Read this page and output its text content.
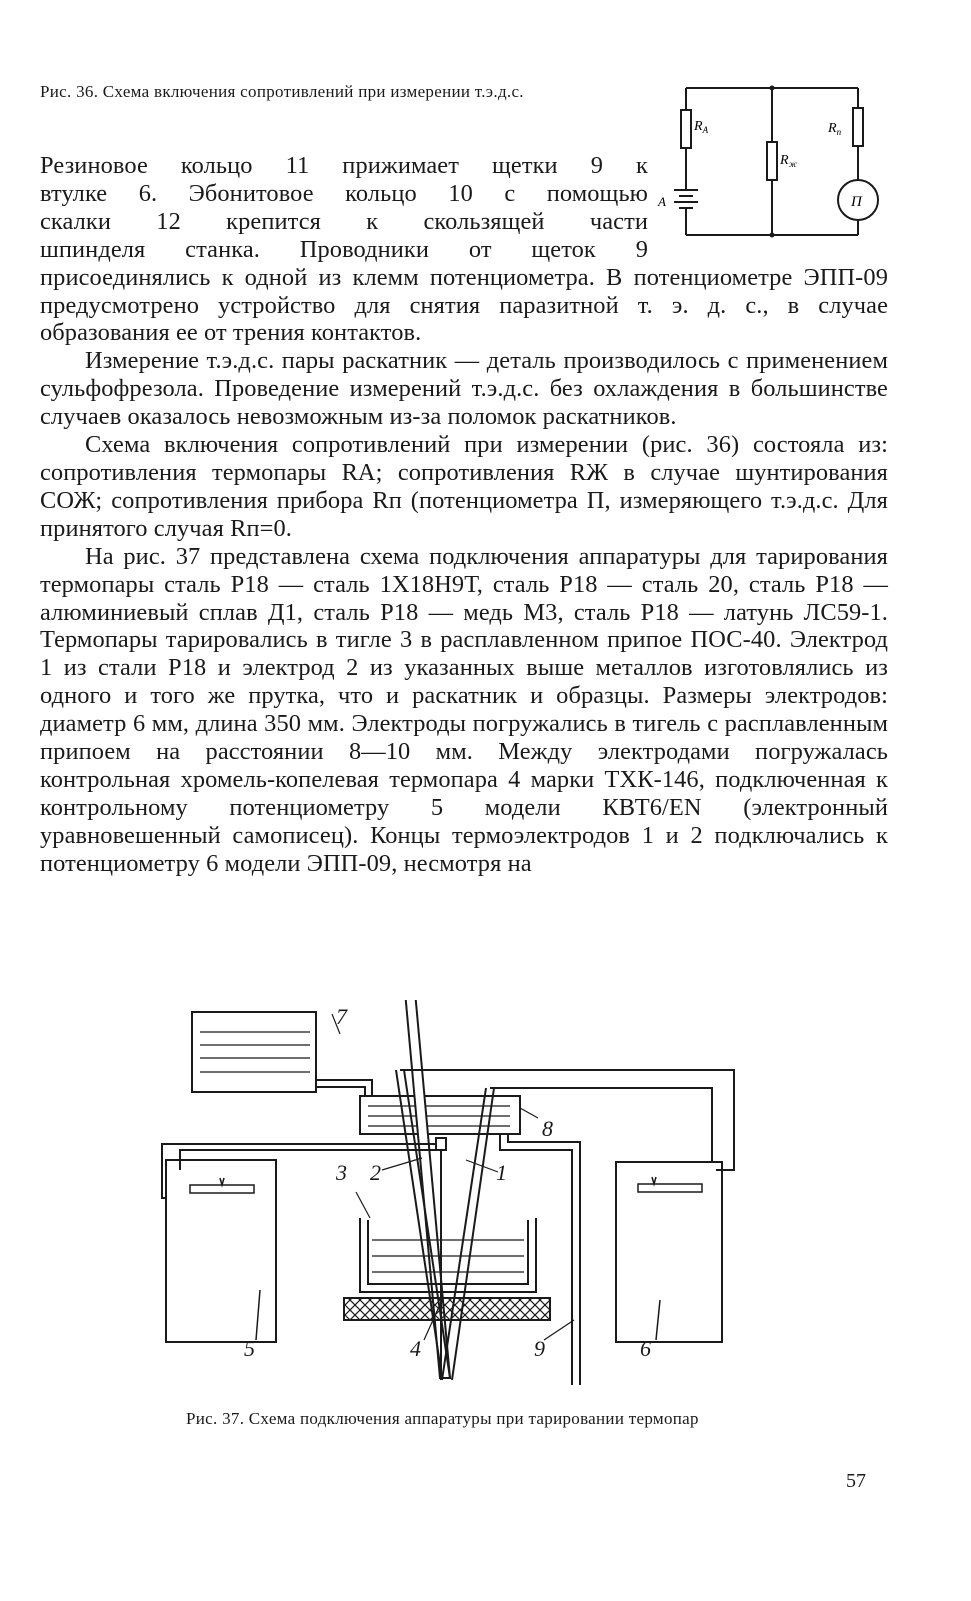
Рис. 36. Схема включения сопротивлений при измерении т.э.д.с.
$R_A$
$R_ж$
$R_п$
A	П
Резиновое кольцо 11 прижимает щетки 9 к
втулке 6. Эбонитовое кольцо 10 с помощью
скалки 12 крепится к скользящей части
шпинделя станка. Проводники от щеток 9

присоединялись к одной из клемм потенциометра. В потенциометре ЭПП-09 предусмотрено устройство для снятия паразитной т. э. д. с., в случае образования ее от трения контактов.

Измерение т.э.д.с. пары раскатник — деталь производилось с применением сульфофрезола. Проведение измерений т.э.д.с. без охлаждения в большинстве случаев оказалось невозможным из-за поломок раскатников.

Схема включения сопротивлений при измерении (рис. 36) состояла из: сопротивления термопары RA; сопротивления RЖ в случае шунтирования СОЖ; сопротивления прибора Rп (потенциометра П, измеряющего т.э.д.с. Для принятого случая Rп=0.

На рис. 37 представлена схема подключения аппаратуры для тарирования термопары сталь Р18 — сталь 1Х18Н9Т, сталь Р18 — сталь 20, сталь Р18 — алюминиевый сплав Д1, сталь Р18 — медь М3, сталь Р18 — латунь ЛС59-1. Термопары тарировались в тигле 3 в расплавленном припое ПОС-40. Электрод 1 из стали Р18 и электрод 2 из указанных выше металлов изготовлялись из одного и того же прутка, что и раскатник и образцы. Размеры электродов: диаметр 6 мм, длина 350 мм. Электроды погружались в тигель с расплавленным припоем на расстоянии 8—10 мм. Между электродами погружалась контрольная хромель-копелевая термопара 4 марки ТХК-146, подключенная к контрольному потенциометру 5 модели КВТ6/EN (электронный уравновешенный самописец). Концы термоэлектродов 1 и 2 подключались к потенциометру 6 модели ЭПП-09, несмотря на

7
8
2	1
3
5	4	9	6
Рис. 37. Схема подключения аппаратуры при тарировании термопар
57
